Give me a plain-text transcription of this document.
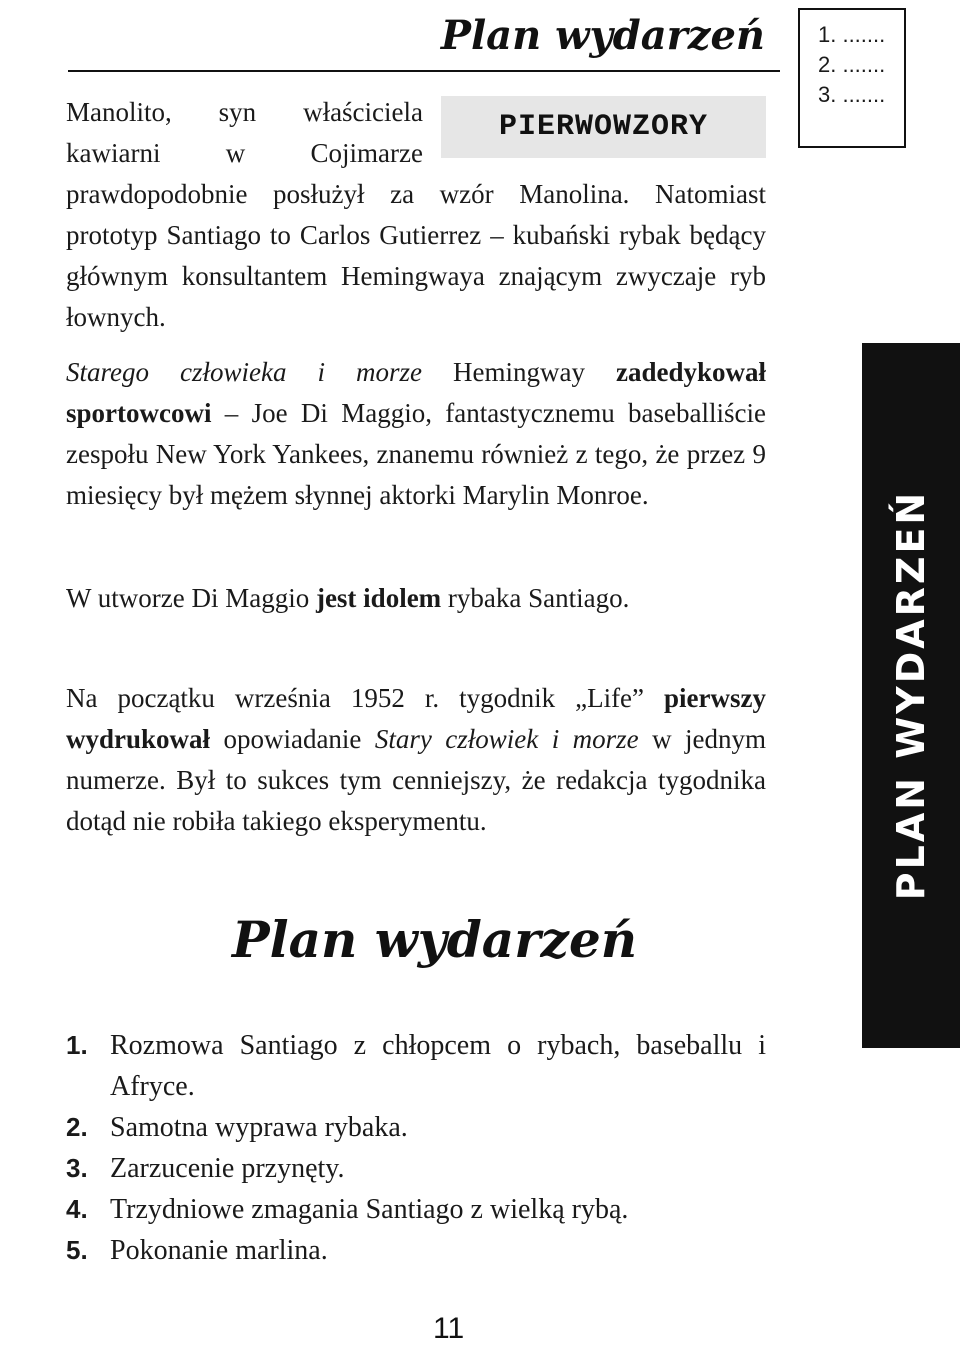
Plan wydarzeń 1. .......

2. .......

3. .......

PIERWOWZORY
Manolito, syn właściciela kawiarni w Cojimarze prawdopodobnie posłużył za wzór Manolina. Natomiast prototyp Santiago to Carlos Gutierrez – kubański rybak będący głównym konsultantem Hemingwaya znającym zwyczaje ryb łownych.

Starego człowieka i morze Hemingway zadedykował sportowcowi – Joe Di Maggio, fantastycznemu baseballiście zespołu New York Yankees, znanemu również z tego, że przez 9 miesięcy był mężem słynnej aktorki Marylin Monroe.

W utworze Di Maggio jest idolem rybaka Santiago.

Na początku września 1952 r. tygodnik „Life” pierwszy wydrukował opowiadanie Stary człowiek i morze w jednym numerze. Był to sukces tym cenniejszy, że redakcja tygodnika dotąd nie robiła takiego eksperymentu.

Plan wydarzeń
1. Rozmowa Santiago z chłopcem o rybach, baseballu i Afryce.
2. Samotna wyprawa rybaka.
3. Zarzucenie przynęty.
4. Trzydniowe zmagania Santiago z wielką rybą.
5. Pokonanie marlina.
PLAN WYDARZEŃ

11
